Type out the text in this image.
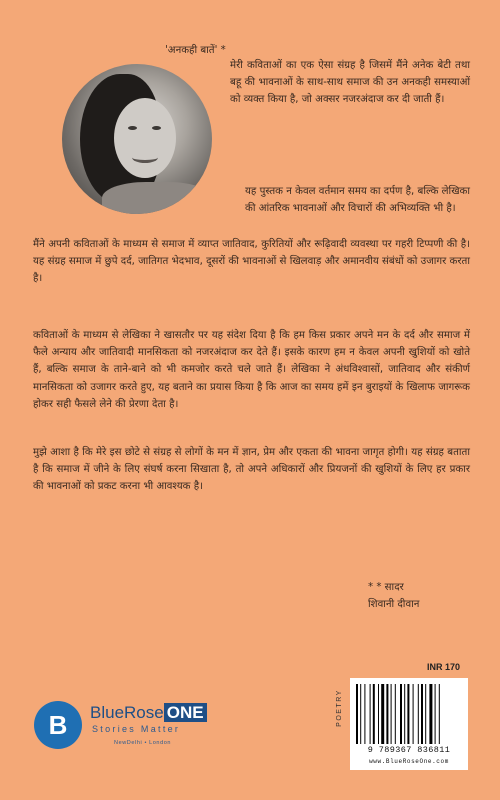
'अनकही बातें' *

मेरी कविताओं का एक ऐसा संग्रह है जिसमें मैंने अनेक बेटी तथा बहू की भावनाओं के साथ-साथ समाज की उन अनकही समस्याओं को व्यक्त किया है, जो अक्सर नजरअंदाज कर दी जाती हैं।

यह पुस्तक न केवल वर्तमान समय का दर्पण है, बल्कि लेखिका की आंतरिक भावनाओं और विचारों की अभिव्यक्ति भी है।

मैंने अपनी कविताओं के माध्यम से समाज में व्याप्त जातिवाद, कुरितियों और रूढ़िवादी व्यवस्था पर गहरी टिप्पणी की है। यह संग्रह समाज में छुपे दर्द, जातिगत भेदभाव, दूसरों की भावनाओं से खिलवाड़ और अमानवीय संबंधों को उजागर करता है।

कविताओं के माध्यम से लेखिका ने खासतौर पर यह संदेश दिया है कि हम किस प्रकार अपने मन के दर्द और समाज में फैले अन्याय और जातिवादी मानसिकता को नजरअंदाज कर देते हैं। इसके कारण हम न केवल अपनी खुशियों को खोते हैं, बल्कि समाज के ताने-बाने को भी कमजोर करते चले जाते हैं। लेखिका ने अंधविश्वासों, जातिवाद और संकीर्ण मानसिकता को उजागर करते हुए, यह बताने का प्रयास किया है कि आज का समय हमें इन बुराइयों के खिलाफ जागरूक होकर सही फैसले लेने की प्रेरणा देता है।

मुझे आशा है कि मेरे इस छोटे से संग्रह से लोगों के मन में ज्ञान, प्रेम और एकता की भावना जागृत होगी। यह संग्रह बताता है कि समाज में जीने के लिए संघर्ष करना सिखाता है, तो अपने अधिकारों और प्रियजनों की खुशियों के लिए हर प्रकार की भावनाओं को प्रकट करना भी आवश्यक है।

* * सादर

शिवानी दीवान

B	BlueRose ONE
Stories Matter
NewDelhi • London
INR 170
POETRY
9 789367 836811
www.BlueRoseOne.com
